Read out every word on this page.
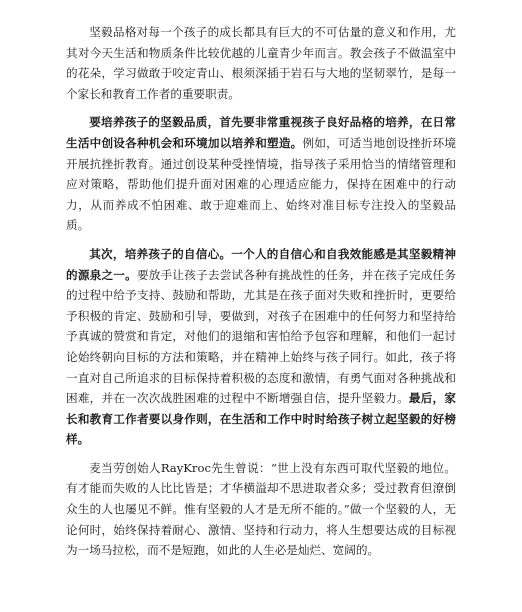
坚毅品格对每一个孩子的成长都具有巨大的不可估量的意义和作用，尤其对今天生活和物质条件比较优越的儿童青少年而言。教会孩子不做温室中的花朵，学习做敢于咬定青山、根须深插于岩石与大地的坚韧翠竹，是每一个家长和教育工作者的重要职责。

要培养孩子的坚毅品质，首先要非常重视孩子良好品格的培养，在日常生活中创设各种机会和环境加以培养和塑造。例如，可适当地创设挫折环境开展抗挫折教育。通过创设某种受挫情境，指导孩子采用恰当的情绪管理和应对策略，帮助他们提升面对困难的心理适应能力，保持在困难中的行动力，从而养成不怕困难、敢于迎难而上、始终对准目标专注投入的坚毅品质。

其次，培养孩子的自信心。一个人的自信心和自我效能感是其坚毅精神的源泉之一。要放手让孩子去尝试各种有挑战性的任务，并在孩子完成任务的过程中给予支持、鼓励和帮助，尤其是在孩子面对失败和挫折时，更要给予积极的肯定、鼓励和引导，要做到，对孩子在困难中的任何努力和坚持给予真诚的赞赏和肯定，对他们的退缩和害怕给予包容和理解，和他们一起讨论始终朝向目标的方法和策略，并在精神上始终与孩子同行。如此，孩子将一直对自己所追求的目标保持着积极的态度和激情，有勇气面对各种挑战和困难，并在一次次战胜困难的过程中不断增强自信，提升坚毅力。最后，家长和教育工作者要以身作则，在生活和工作中时时给孩子树立起坚毅的好榜样。

麦当劳创始人RayKroc先生曾说：“世上没有东西可取代坚毅的地位。有才能而失败的人比比皆是；才华横溢却不思进取者众多；受过教育但潦倒众生的人也屡见不鲜。惟有坚毅的人才是无所不能的。”做一个坚毅的人，无论何时，始终保持着耐心、激情、坚持和行动力，将人生想要达成的目标视为一场马拉松，而不是短跑，如此的人生必是灿烂、宽阔的。
